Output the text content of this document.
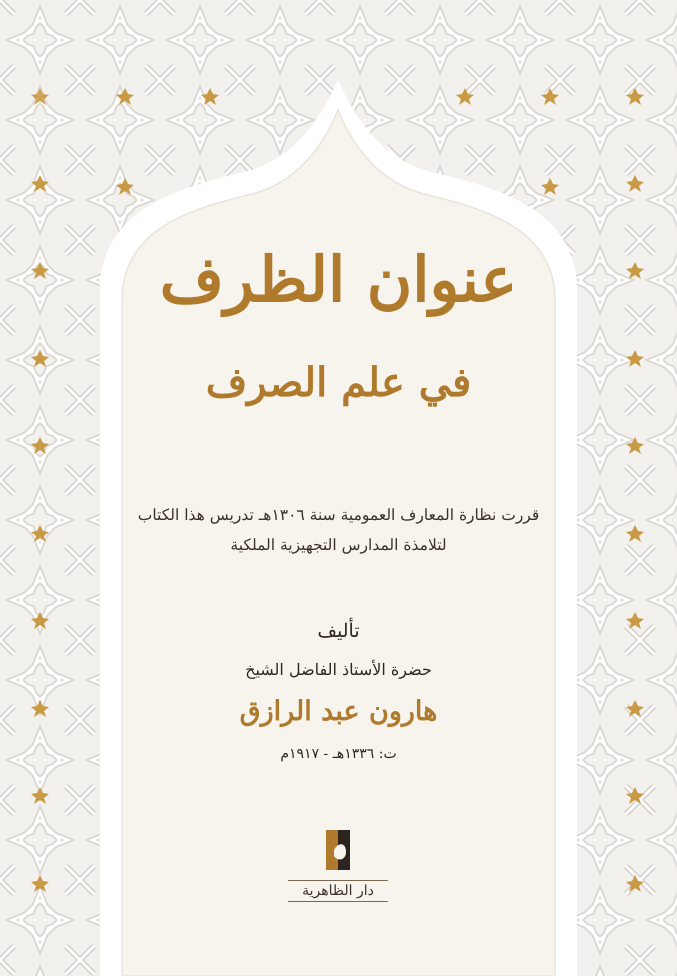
عنوان الظرف
في علم الصرف
قررت نظارة المعارف العمومية سنة ١٣٠٦هـ تدريس هذا الكتاب
لتلامذة المدارس التجهيزية الملكية
تأليف
حضرة الأستاذ الفاضل الشيخ
هارون عبد الرازق
ت: ١٣٣٦هـ - ١٩١٧م
دار الظاهرية
